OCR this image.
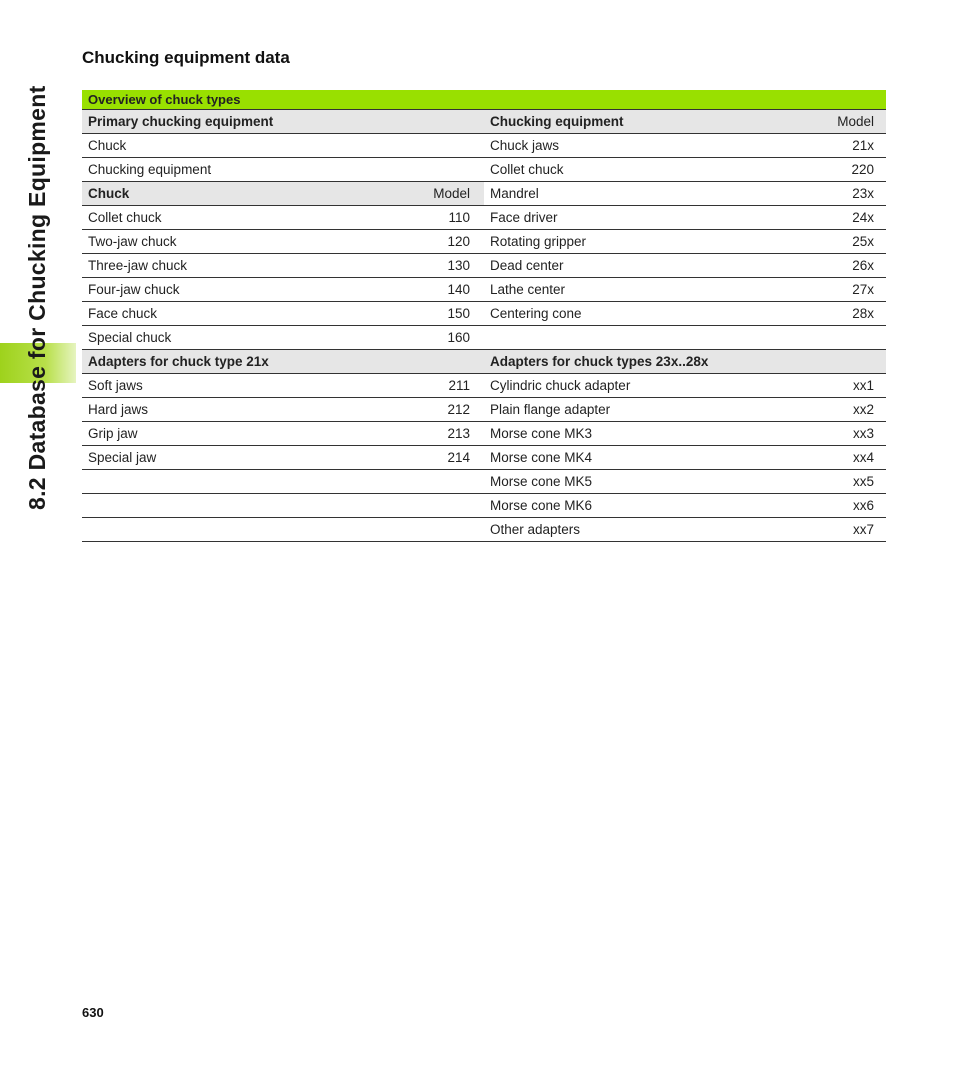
8.2 Database for Chucking Equipment
Chucking equipment data
Overview of chuck types			
Primary chucking equipment		Chucking equipment	Model
Chuck		Chuck jaws	21x
Chucking equipment		Collet chuck	220
Chuck	Model	Mandrel	23x
Collet chuck	110	Face driver	24x
Two-jaw chuck	120	Rotating gripper	25x
Three-jaw chuck	130	Dead center	26x
Four-jaw chuck	140	Lathe center	27x
Face chuck	150	Centering cone	28x
Special chuck	160		
Adapters for chuck type 21x		Adapters for chuck types 23x..28x	
Soft jaws	211	Cylindric chuck adapter	xx1
Hard jaws	212	Plain flange adapter	xx2
Grip jaw	213	Morse cone MK3	xx3
Special jaw	214	Morse cone MK4	xx4
		Morse cone MK5	xx5
		Morse cone MK6	xx6
		Other adapters	xx7
630
